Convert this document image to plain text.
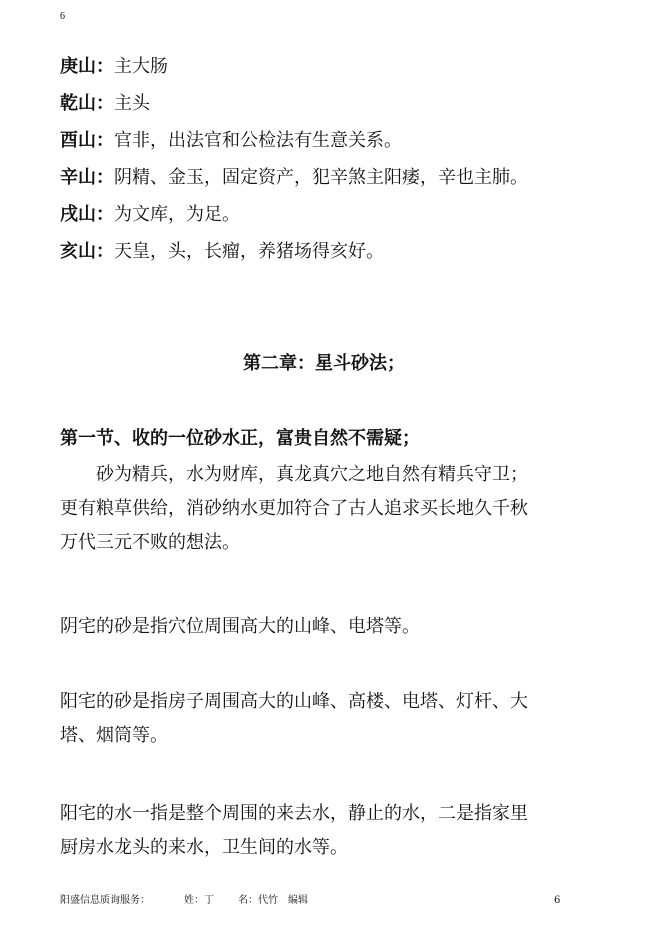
6
庚山：主大肠
乾山：主头
酉山：官非，出法官和公检法有生意关系。
辛山：阴精、金玉，固定资产，犯辛煞主阳痿，辛也主肺。
戌山：为文库，为足。
亥山：天皇，头，长瘤，养猪场得亥好。
第二章：星斗砂法；
第一节、收的一位砂水正，富贵自然不需疑；
　　砂为精兵，水为财库，真龙真穴之地自然有精兵守卫；
更有粮草供给，消砂纳水更加符合了古人追求买长地久千秋
万代三元不败的想法。
阴宅的砂是指穴位周围高大的山峰、电塔等。
阳宅的砂是指房子周围高大的山峰、高楼、电塔、灯杆、大
塔、烟筒等。
阳宅的水一指是整个周围的来去水，静止的水，二是指家里
厨房水龙头的来水，卫生间的水等。
阳盛信息质询服务：	姓：丁 名：代竹 编辑	6
